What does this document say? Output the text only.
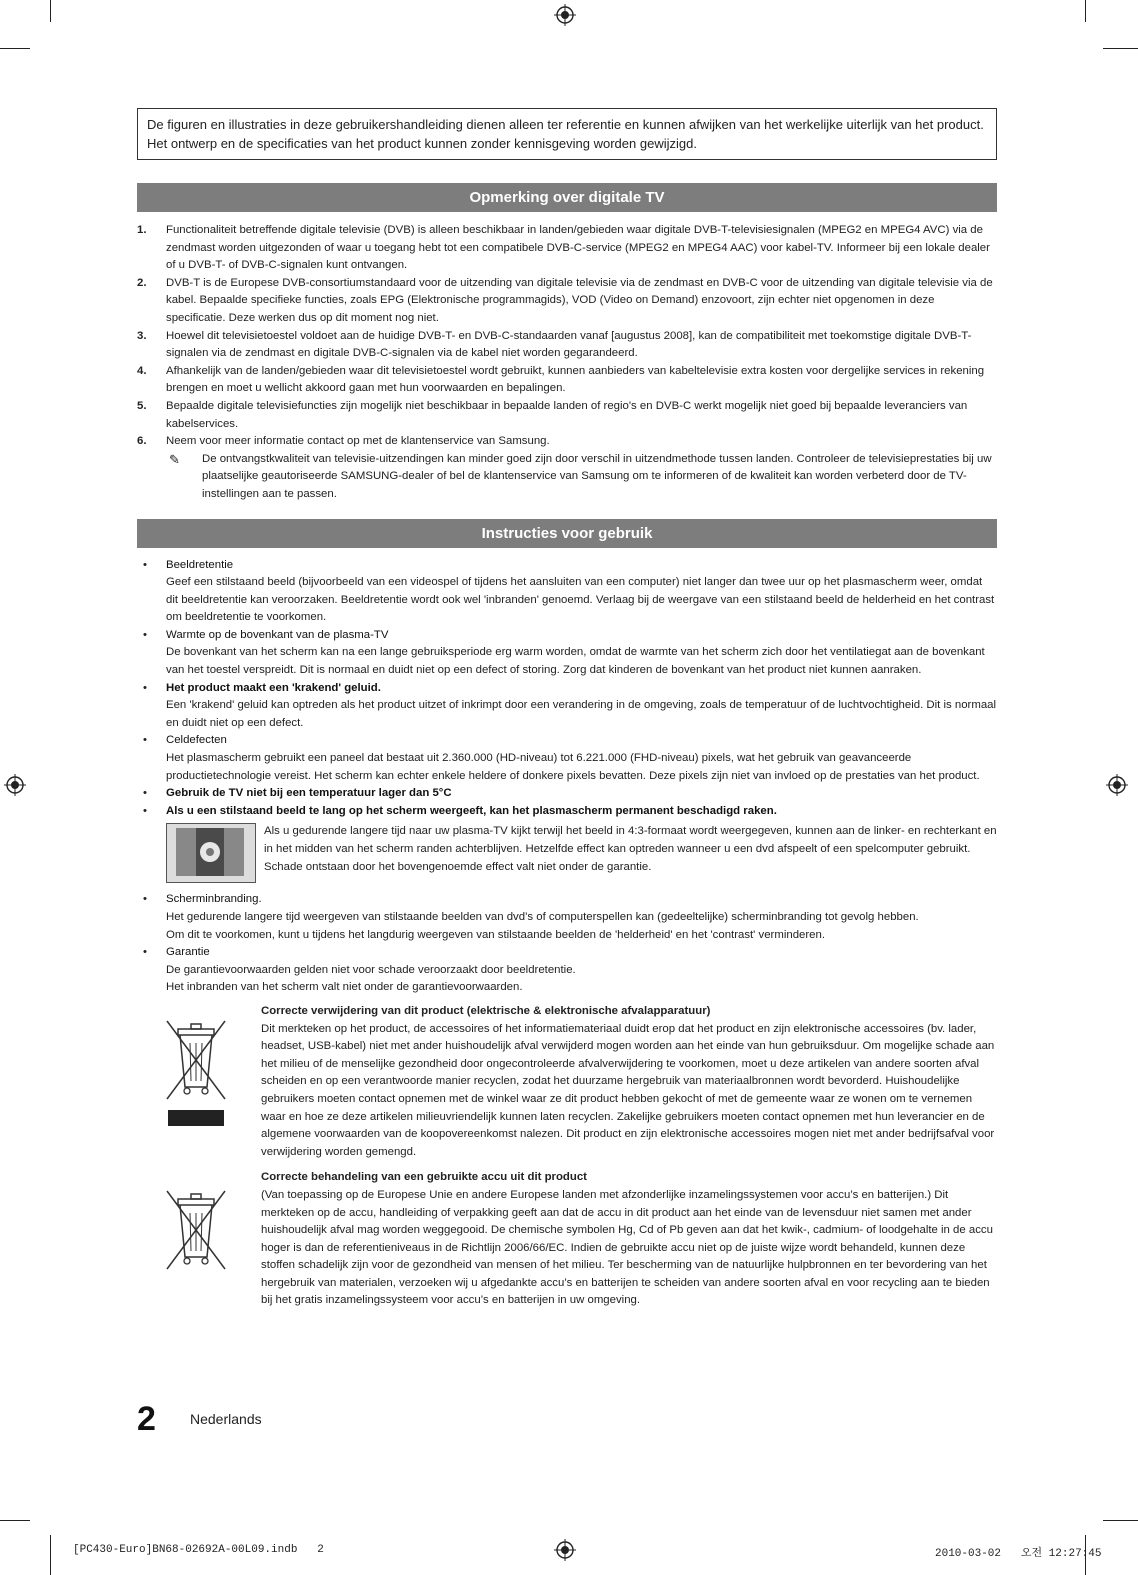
De figuren en illustraties in deze gebruikershandleiding dienen alleen ter referentie en kunnen afwijken van het werkelijke uiterlijk van het product. Het ontwerp en de specificaties van het product kunnen zonder kennisgeving worden gewijzigd.
Opmerking over digitale TV
1. Functionaliteit betreffende digitale televisie (DVB) is alleen beschikbaar in landen/gebieden waar digitale DVB-T-televisiesignalen (MPEG2 en MPEG4 AVC) via de zendmast worden uitgezonden of waar u toegang hebt tot een compatibele DVB-C-service (MPEG2 en MPEG4 AAC) voor kabel-TV. Informeer bij een lokale dealer of u DVB-T- of DVB-C-signalen kunt ontvangen.
2. DVB-T is de Europese DVB-consortiumstandaard voor de uitzending van digitale televisie via de zendmast en DVB-C voor de uitzending van digitale televisie via de kabel. Bepaalde specifieke functies, zoals EPG (Elektronische programmagids), VOD (Video on Demand) enzovoort, zijn echter niet opgenomen in deze specificatie. Deze werken dus op dit moment nog niet.
3. Hoewel dit televisietoestel voldoet aan de huidige DVB-T- en DVB-C-standaarden vanaf [augustus 2008], kan de compatibiliteit met toekomstige digitale DVB-T-signalen via de zendmast en digitale DVB-C-signalen via de kabel niet worden gegarandeerd.
4. Afhankelijk van de landen/gebieden waar dit televisietoestel wordt gebruikt, kunnen aanbieders van kabeltelevisie extra kosten voor dergelijke services in rekening brengen en moet u wellicht akkoord gaan met hun voorwaarden en bepalingen.
5. Bepaalde digitale televisiefuncties zijn mogelijk niet beschikbaar in bepaalde landen of regio's en DVB-C werkt mogelijk niet goed bij bepaalde leveranciers van kabelservices.
6. Neem voor meer informatie contact op met de klantenservice van Samsung.
✎ De ontvangstkwaliteit van televisie-uitzendingen kan minder goed zijn door verschil in uitzendmethode tussen landen. Controleer de televisieprestaties bij uw plaatselijke geautoriseerde SAMSUNG-dealer of bel de klantenservice van Samsung om te informeren of de kwaliteit kan worden verbeterd door de TV-instellingen aan te passen.
Instructies voor gebruik
• Beeldretentie
Geef een stilstaand beeld (bijvoorbeeld van een videospel of tijdens het aansluiten van een computer) niet langer dan twee uur op het plasmascherm weer, omdat dit beeldretentie kan veroorzaken. Beeldretentie wordt ook wel 'inbranden' genoemd. Verlaag bij de weergave van een stilstaand beeld de helderheid en het contrast om beeldretentie te voorkomen.
• Warmte op de bovenkant van de plasma-TV
De bovenkant van het scherm kan na een lange gebruiksperiode erg warm worden, omdat de warmte van het scherm zich door het ventilatiegat aan de bovenkant van het toestel verspreidt. Dit is normaal en duidt niet op een defect of storing. Zorg dat kinderen de bovenkant van het product niet kunnen aanraken.
• Het product maakt een 'krakend' geluid.
Een 'krakend' geluid kan optreden als het product uitzet of inkrimpt door een verandering in de omgeving, zoals de temperatuur of de luchtvochtigheid. Dit is normaal en duidt niet op een defect.
• Celdefecten
Het plasmascherm gebruikt een paneel dat bestaat uit 2.360.000 (HD-niveau) tot 6.221.000 (FHD-niveau) pixels, wat het gebruik van geavanceerde productietechnologie vereist. Het scherm kan echter enkele heldere of donkere pixels bevatten. Deze pixels zijn niet van invloed op de prestaties van het product.
• Gebruik de TV niet bij een temperatuur lager dan 5°C
• Als u een stilstaand beeld te lang op het scherm weergeeft, kan het plasmascherm permanent beschadigd raken.
Als u gedurende langere tijd naar uw plasma-TV kijkt terwijl het beeld in 4:3-formaat wordt weergegeven, kunnen aan de linker- en rechterkant en in het midden van het scherm randen achterblijven. Hetzelfde effect kan optreden wanneer u een dvd afspeelt of een spelcomputer gebruikt.
Schade ontstaan door het bovengenoemde effect valt niet onder de garantie.
• Scherminbranding.
Het gedurende langere tijd weergeven van stilstaande beelden van dvd’s of computerspellen kan (gedeeltelijke) scherminbranding tot gevolg hebben.
Om dit te voorkomen, kunt u tijdens het langdurig weergeven van stilstaande beelden de 'helderheid' en het 'contrast' verminderen.
• Garantie
De garantievoorwaarden gelden niet voor schade veroorzaakt door beeldretentie.
Het inbranden van het scherm valt niet onder de garantievoorwaarden.
Correcte verwijdering van dit product (elektrische & elektronische afvalapparatuur)
Dit merkteken op het product, de accessoires of het informatiemateriaal duidt erop dat het product en zijn elektronische accessoires (bv. lader, headset, USB-kabel) niet met ander huishoudelijk afval verwijderd mogen worden aan het einde van hun gebruiksduur. Om mogelijke schade aan het milieu of de menselijke gezondheid door ongecontroleerde afvalverwijdering te voorkomen, moet u deze artikelen van andere soorten afval scheiden en op een verantwoorde manier recyclen, zodat het duurzame hergebruik van materiaalbronnen wordt bevorderd. Huishoudelijke gebruikers moeten contact opnemen met de winkel waar ze dit product hebben gekocht of met de gemeente waar ze wonen om te vernemen waar en hoe ze deze artikelen milieuvriendelijk kunnen laten recyclen. Zakelijke gebruikers moeten contact opnemen met hun leverancier en de algemene voorwaarden van de koopovereenkomst nalezen. Dit product en zijn elektronische accessoires mogen niet met ander bedrijfsafval voor verwijdering worden gemengd.
Correcte behandeling van een gebruikte accu uit dit product
(Van toepassing op de Europese Unie en andere Europese landen met afzonderlijke inzamelingssystemen voor accu’s en batterijen.) Dit merkteken op de accu, handleiding of verpakking geeft aan dat de accu in dit product aan het einde van de levensduur niet samen met ander huishoudelijk afval mag worden weggegooid. De chemische symbolen Hg, Cd of Pb geven aan dat het kwik-, cadmium- of loodgehalte in de accu hoger is dan de referentieniveaus in de Richtlijn 2006/66/EC. Indien de gebruikte accu niet op de juiste wijze wordt behandeld, kunnen deze stoffen schadelijk zijn voor de gezondheid van mensen of het milieu. Ter bescherming van de natuurlijke hulpbronnen en ter bevordering van het hergebruik van materialen, verzoeken wij u afgedankte accu’s en batterijen te scheiden van andere soorten afval en voor recycling aan te bieden bij het gratis inzamelingssysteem voor accu’s en batterijen in uw omgeving.
2 Nederlands
[PC430-Euro]BN68-02692A-00L09.indb   2	2010-03-02   오전 12:27:45
